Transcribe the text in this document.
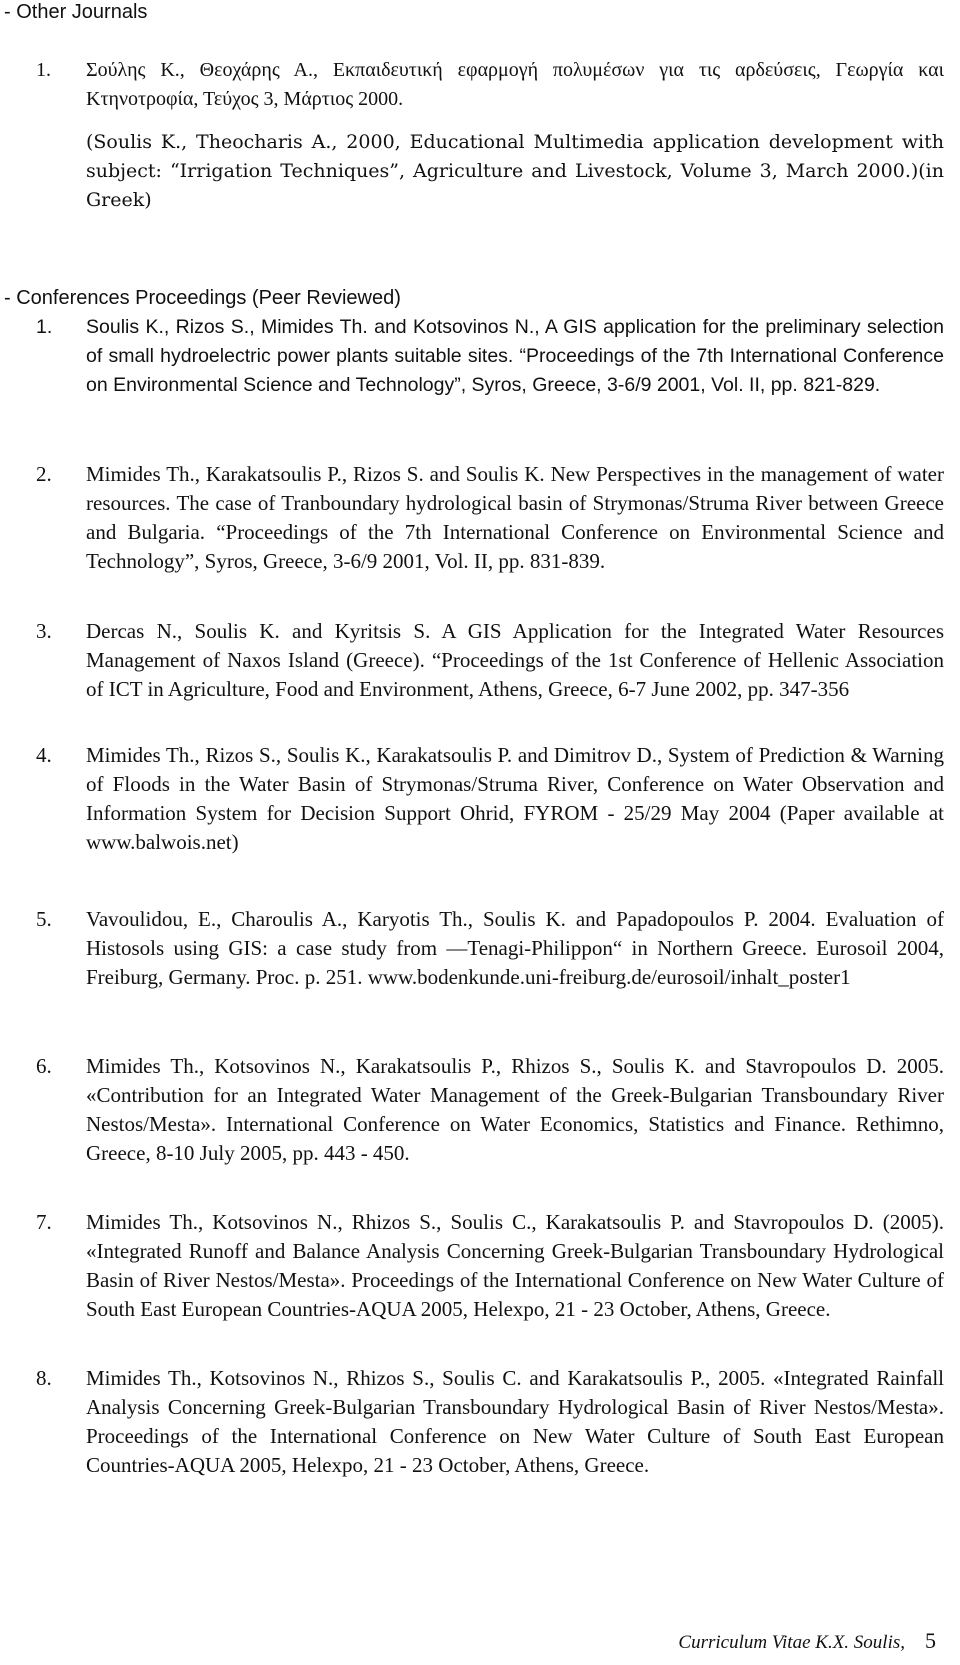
- Other Journals
1. Σούλης Κ., Θεοχάρης Α., Εκπαιδευτική εφαρμογή πολυμέσων για τις αρδεύσεις, Γεωργία και Κτηνοτροφία, Τεύχος 3, Μάρτιος 2000.
(Soulis K., Theocharis A., 2000, Educational Multimedia application development with subject: “Irrigation Techniques”, Agriculture and Livestock, Volume 3, March 2000.)(in Greek)
- Conferences Proceedings (Peer Reviewed)
1.	Soulis K., Rizos S., Mimides Th. and Kotsovinos N., A GIS application for the preliminary selection of small hydroelectric power plants suitable sites. “Proceedings of the 7th International Conference on Environmental Science and Technology”, Syros, Greece, 3-6/9 2001, Vol. II, pp. 821-829.
2.	Mimides Th., Karakatsoulis P., Rizos S. and Soulis K. New Perspectives in the management of water resources. The case of Tranboundary hydrological basin of Strymonas/Struma River between Greece and Bulgaria. “Proceedings of the 7th International Conference on Environmental Science and Technology”, Syros, Greece, 3-6/9 2001, Vol. II, pp. 831-839.
3.	Dercas N., Soulis K. and Kyritsis S. A GIS Application for the Integrated Water Resources Management of Naxos Island (Greece). “Proceedings of the 1st Conference of Hellenic Association of ICT in Agriculture, Food and Environment, Athens, Greece, 6-7 June 2002, pp. 347-356
4.	Mimides Th., Rizos S., Soulis K., Karakatsoulis P. and Dimitrov D., System of Prediction & Warning of Floods in the Water Basin of Strymonas/Struma River, Conference on Water Observation and Information System for Decision Support Ohrid, FYROM - 25/29 May 2004 (Paper available at www.balwois.net)
5.	Vavoulidou, E., Charoulis A., Karyotis Th., Soulis K. and Papadopoulos P. 2004. Evaluation of Histosols using GIS: a case study from ―Tenagi-Philippon“ in Northern Greece. Eurosoil 2004, Freiburg, Germany. Proc. p. 251. www.bodenkunde.uni-freiburg.de/eurosoil/inhalt_poster1
6.	Mimides Th., Kotsovinos N., Karakatsoulis P., Rhizos S., Soulis K. and Stavropoulos D. 2005. «Contribution for an Integrated Water Management of the Greek-Bulgarian Transboundary River Nestos/Mesta». International Conference on Water Economics, Statistics and Finance. Rethimno, Greece, 8-10 July 2005, pp. 443 - 450.
7.	Mimides Th., Kotsovinos N., Rhizos S., Soulis C., Karakatsoulis P. and Stavropoulos D. (2005). «Integrated Runoff and Balance Analysis Concerning Greek-Bulgarian Transboundary Hydrological Basin of River Nestos/Mesta». Proceedings of the International Conference on New Water Culture of South East European Countries-AQUA 2005, Helexpo, 21 - 23 October, Athens, Greece.
8.	Mimides Th., Kotsovinos N., Rhizos S., Soulis C. and Karakatsoulis P., 2005. «Integrated Rainfall Analysis Concerning Greek-Bulgarian Transboundary Hydrological Basin of River Nestos/Mesta». Proceedings of the International Conference on New Water Culture of South East European Countries-AQUA 2005, Helexpo, 21 - 23 October, Athens, Greece.
Curriculum Vitae K.X. Soulis, 5
